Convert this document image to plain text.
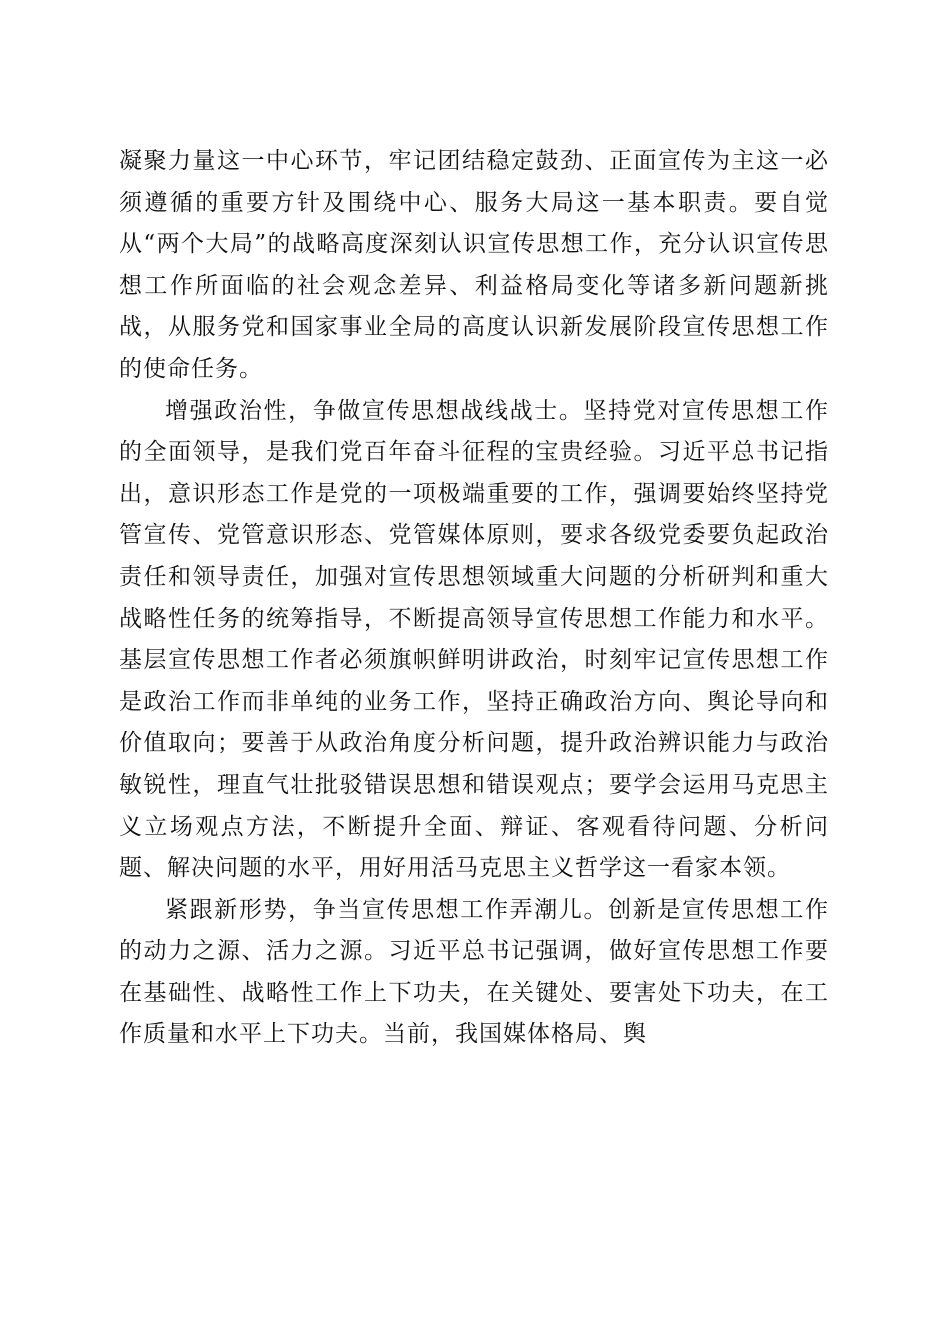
凝聚力量这一中心环节，牢记团结稳定鼓劲、正面宣传为主这一必须遵循的重要方针及围绕中心、服务大局这一基本职责。要自觉从“两个大局”的战略高度深刻认识宣传思想工作，充分认识宣传思想工作所面临的社会观念差异、利益格局变化等诸多新问题新挑战，从服务党和国家事业全局的高度认识新发展阶段宣传思想工作的使命任务。

增强政治性，争做宣传思想战线战士。坚持党对宣传思想工作的全面领导，是我们党百年奋斗征程的宝贵经验。习近平总书记指出，意识形态工作是党的一项极端重要的工作，强调要始终坚持党管宣传、党管意识形态、党管媒体原则，要求各级党委要负起政治责任和领导责任，加强对宣传思想领域重大问题的分析研判和重大战略性任务的统筹指导，不断提高领导宣传思想工作能力和水平。基层宣传思想工作者必须旗帜鲜明讲政治，时刻牢记宣传思想工作是政治工作而非单纯的业务工作，坚持正确政治方向、舆论导向和价值取向；要善于从政治角度分析问题，提升政治辨识能力与政治敏锐性，理直气壮批驳错误思想和错误观点；要学会运用马克思主义立场观点方法，不断提升全面、辩证、客观看待问题、分析问题、解决问题的水平，用好用活马克思主义哲学这一看家本领。

紧跟新形势，争当宣传思想工作弄潮儿。创新是宣传思想工作的动力之源、活力之源。习近平总书记强调，做好宣传思想工作要在基础性、战略性工作上下功夫，在关键处、要害处下功夫，在工作质量和水平上下功夫。当前，我国媒体格局、舆
